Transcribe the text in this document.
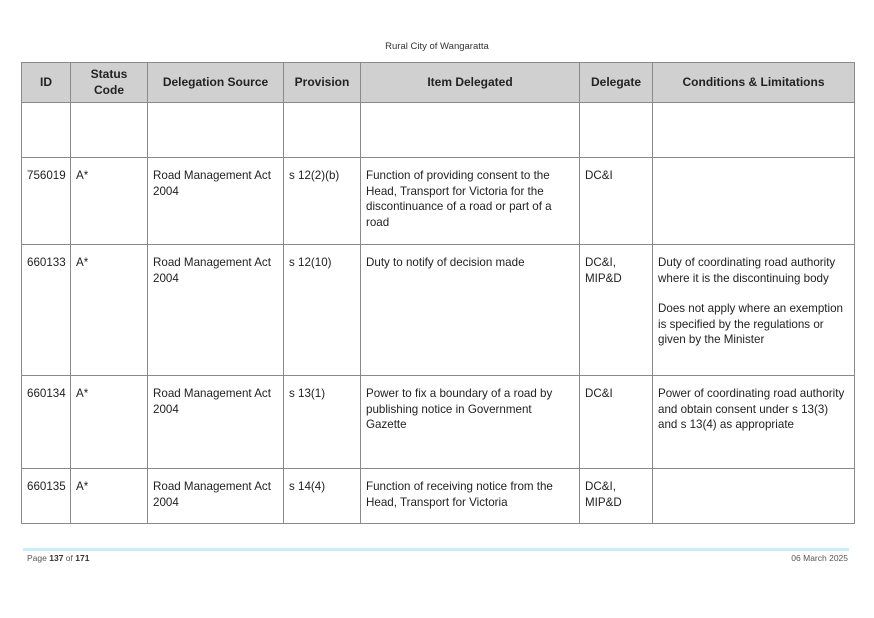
Rural City of Wangaratta
ID	Status Code	Delegation Source	Provision	Item Delegated	Delegate	Conditions & Limitations

756019	A*	Road Management Act 2004	s 12(2)(b)	Function of providing consent to the Head, Transport for Victoria for the discontinuance of a road or part of a road	DC&I	
660133	A*	Road Management Act 2004	s 12(10)	Duty to notify of decision made	DC&I, MIP&D	Duty of coordinating road authority where it is the discontinuing body
Does not apply where an exemption is specified by the regulations or given by the Minister

660134	A*	Road Management Act 2004	s 13(1)	Power to fix a boundary of a road by publishing notice in Government Gazette	DC&I	Power of coordinating road authority and obtain consent under s 13(3) and s 13(4) as appropriate

660135	A*	Road Management Act 2004	s 14(4)	Function of receiving notice from the Head, Transport for Victoria	DC&I, MIP&D	
Page 137 of 171	06 March 2025
